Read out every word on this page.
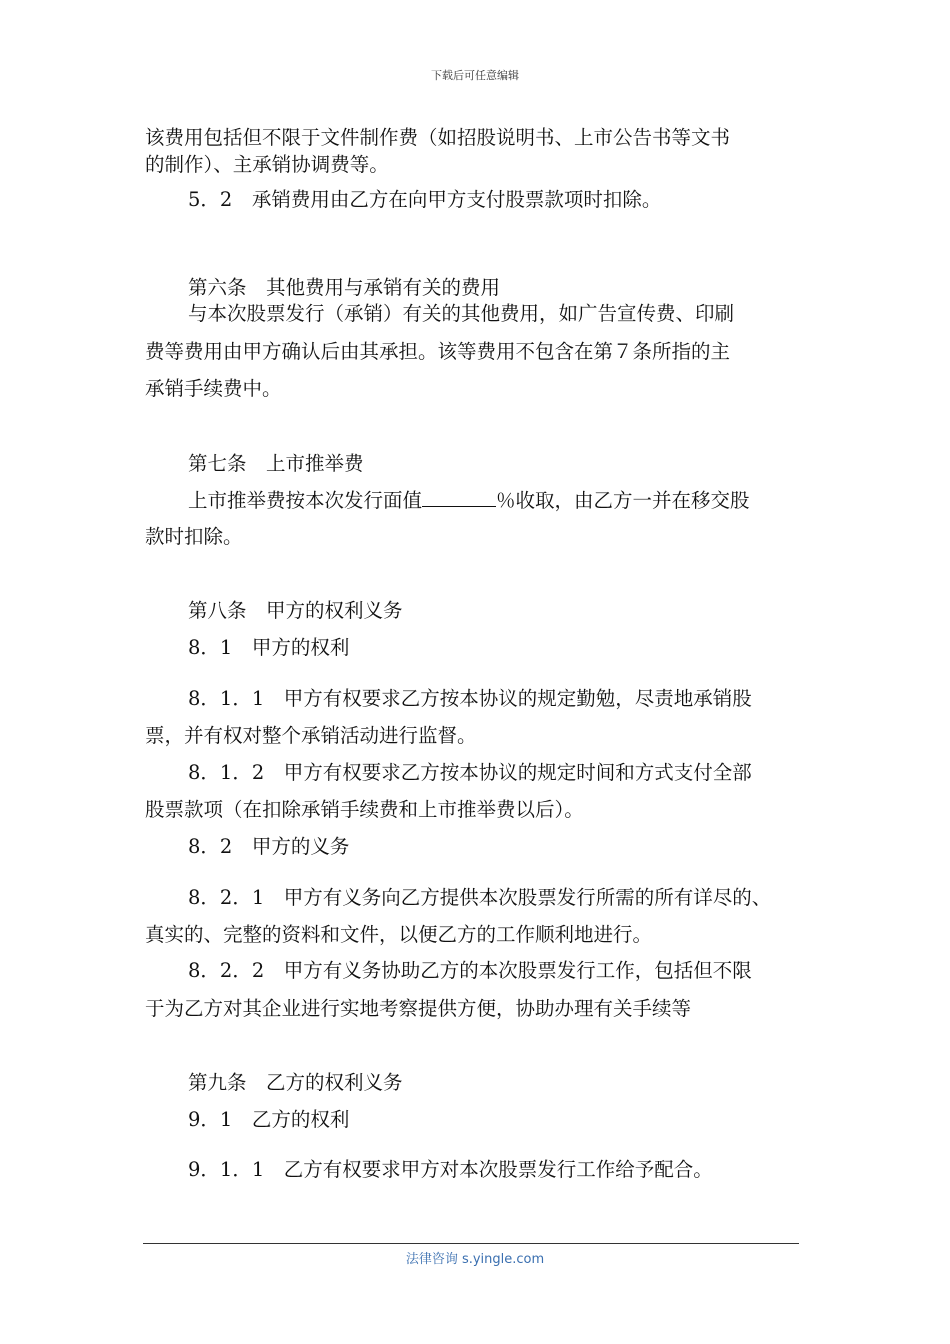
下载后可任意编辑
该费用包括但不限于文件制作费（如招股说明书、上市公告书等文书
的制作）、主承销协调费等。
5．2　承销费用由乙方在向甲方支付股票款项时扣除。
第六条　其他费用与承销有关的费用
与本次股票发行（承销）有关的其他费用，如广告宣传费、印刷
费等费用由甲方确认后由其承担。该等费用不包含在第７条所指的主
承销手续费中。
第七条　上市推举费
上市推举费按本次发行面值	％收取，由乙方一并在移交股
款时扣除。
第八条　甲方的权利义务
8．1　甲方的权利
8．1．1　甲方有权要求乙方按本协议的规定勤勉，尽责地承销股
票，并有权对整个承销活动进行监督。
8．1．2　甲方有权要求乙方按本协议的规定时间和方式支付全部
股票款项（在扣除承销手续费和上市推举费以后）。
8．2　甲方的义务
8．2．1　甲方有义务向乙方提供本次股票发行所需的所有详尽的、
真实的、完整的资料和文件，以便乙方的工作顺利地进行。
8．2．2　甲方有义务协助乙方的本次股票发行工作，包括但不限
于为乙方对其企业进行实地考察提供方便，协助办理有关手续等
第九条　乙方的权利义务
9．1　乙方的权利
9．1．1　乙方有权要求甲方对本次股票发行工作给予配合。
法律咨询 s.yingle.com
